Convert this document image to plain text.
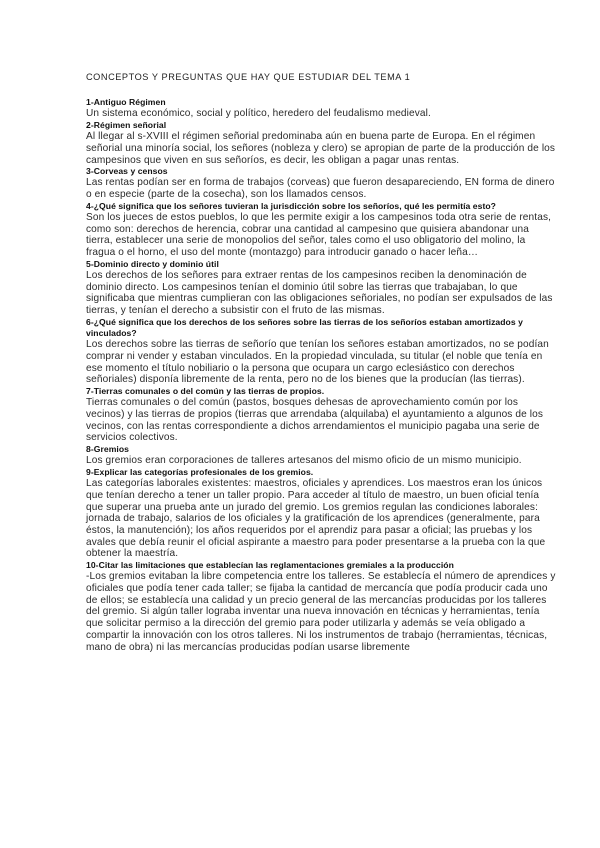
CONCEPTOS Y PREGUNTAS QUE HAY QUE ESTUDIAR DEL TEMA 1
1-Antiguo Régimen
Un sistema económico, social y político, heredero del feudalismo medieval.
2-Régimen señorial
Al llegar al s-XVIII el régimen señorial predominaba aún en buena parte de Europa. En el régimen señorial una minoría social, los señores (nobleza y clero) se apropian de parte de la producción de los campesinos que viven en sus señoríos, es decir, les obligan a pagar unas rentas.
3-Corveas y censos
Las rentas podían ser en forma de trabajos (corveas) que fueron desapareciendo, EN forma de dinero o en especie (parte de la cosecha), son los llamados censos.
4-¿Qué significa que los señores tuvieran la jurisdicción sobre los señoríos, qué les permitía esto?
Son los jueces de estos pueblos, lo que les permite exigir a los campesinos toda otra serie de rentas, como son: derechos de herencia, cobrar una cantidad al campesino que quisiera abandonar una tierra, establecer una serie de monopolios del señor, tales como el uso obligatorio del molino, la fragua o el horno, el uso del monte (montazgo) para introducir ganado o hacer leña…
5-Dominio directo y dominio útil
Los derechos de los señores para extraer rentas de los campesinos reciben la denominación de dominio directo. Los campesinos tenían el dominio útil sobre las tierras que trabajaban, lo que significaba que mientras cumplieran con las obligaciones señoriales, no podían ser expulsados de las tierras, y tenían el derecho a subsistir con el fruto de las mismas.
6-¿Qué significa que los derechos de los señores sobre las tierras de los señoríos estaban amortizados y vinculados?
Los derechos sobre las tierras de señorío que tenían los señores estaban amortizados, no se podían comprar ni vender y estaban vinculados. En la propiedad vinculada, su titular (el noble que tenía en ese momento el título nobiliario o la persona que ocupara un cargo eclesiástico con derechos señoriales) disponía libremente de la renta, pero no de los bienes que la producían (las tierras).
7-Tierras comunales o del común y las tierras de propios.
Tierras comunales o del común (pastos, bosques dehesas de aprovechamiento común por los vecinos) y las tierras de propios (tierras que arrendaba (alquilaba) el ayuntamiento a algunos de los vecinos, con las rentas correspondiente a dichos arrendamientos el municipio pagaba una serie de servicios colectivos.
8-Gremios
Los gremios eran corporaciones de talleres artesanos del mismo oficio de un mismo municipio.
9-Explicar las categorías profesionales de los gremios.
Las categorías laborales existentes: maestros, oficiales y aprendices. Los maestros eran los únicos que tenían derecho a tener un taller propio. Para acceder al título de maestro, un buen oficial tenía que superar una prueba ante un jurado del gremio. Los gremios regulan las condiciones laborales: jornada de trabajo, salarios de los oficiales y la gratificación de los aprendices (generalmente, para éstos, la manutención); los años requeridos por el aprendiz para pasar a oficial; las pruebas y los avales que debía reunir el oficial aspirante a maestro para poder presentarse a la prueba con la que obtener la maestría.
10-Citar las limitaciones que establecían las reglamentaciones gremiales a la producción
-Los gremios evitaban la libre competencia entre los talleres. Se establecía el número de aprendices y oficiales que podía tener cada taller; se fijaba la cantidad de mercancía que podía producir cada uno de ellos; se establecía una calidad y un precio general de las mercancías producidas por los talleres del gremio. Si algún taller lograba inventar una nueva innovación en técnicas y herramientas, tenía que solicitar permiso a la dirección del gremio para poder utilizarla y además se veía obligado a compartir la innovación con los otros talleres. Ni los instrumentos de trabajo (herramientas, técnicas, mano de obra) ni las mercancías producidas podían usarse libremente
